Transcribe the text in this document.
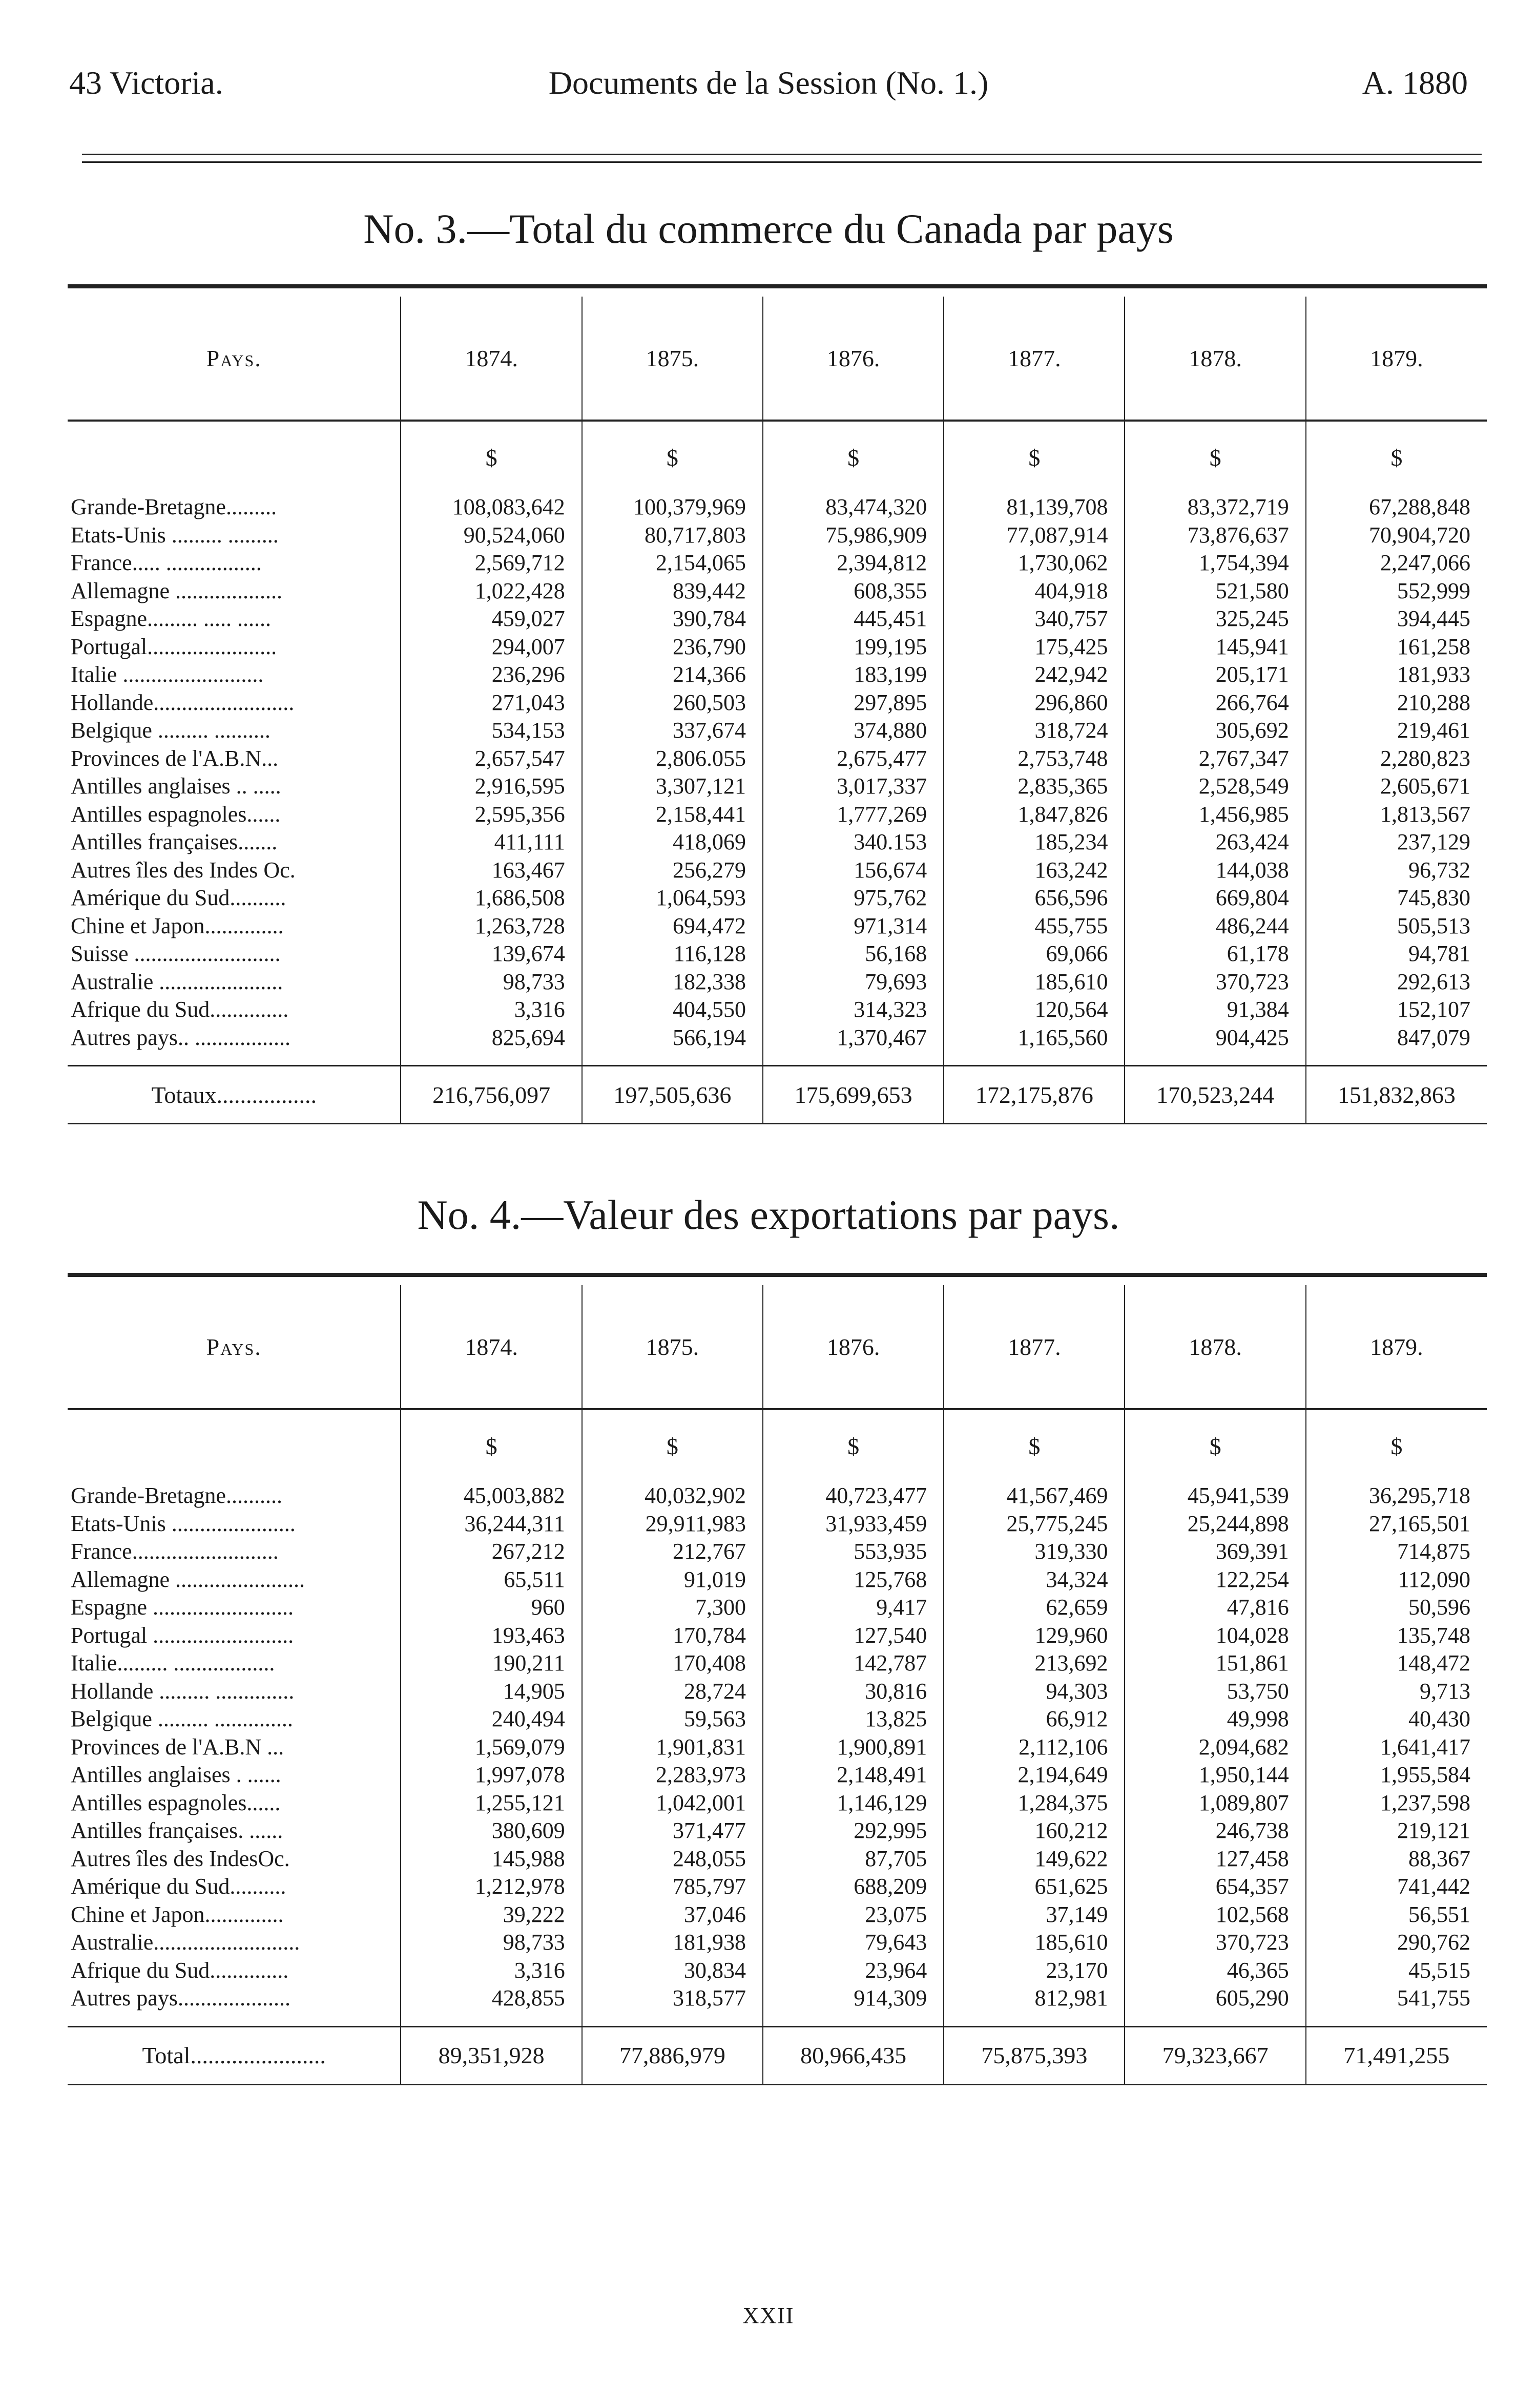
43 Victoria.	Documents de la Session (No. 1.)	A. 1880
No. 3.—Total du commerce du Canada par pays

Pays.	1874.	1875.	1876.	1877.	1878.	1879.
	$	$	$	$	$	$
Grande-Bretagne.........	108,083,642	100,379,969	83,474,320	81,139,708	83,372,719	67,288,848
Etats-Unis ......... .........	90,524,060	80,717,803	75,986,909	77,087,914	73,876,637	70,904,720
France..... .................	2,569,712	2,154,065	2,394,812	1,730,062	1,754,394	2,247,066
Allemagne ...................	1,022,428	839,442	608,355	404,918	521,580	552,999
Espagne......... ..... ......	459,027	390,784	445,451	340,757	325,245	394,445
Portugal.......................	294,007	236,790	199,195	175,425	145,941	161,258
Italie .........................	236,296	214,366	183,199	242,942	205,171	181,933
Hollande.........................	271,043	260,503	297,895	296,860	266,764	210,288
Belgique ......... ..........	534,153	337,674	374,880	318,724	305,692	219,461
Provinces de l'A.B.N...	2,657,547	2,806.055	2,675,477	2,753,748	2,767,347	2,280,823
Antilles anglaises .. .....	2,916,595	3,307,121	3,017,337	2,835,365	2,528,549	2,605,671
Antilles espagnoles......	2,595,356	2,158,441	1,777,269	1,847,826	1,456,985	1,813,567
Antilles françaises.......	411,111	418,069	340.153	185,234	263,424	237,129
Autres îles des Indes Oc.	163,467	256,279	156,674	163,242	144,038	96,732
Amérique du Sud..........	1,686,508	1,064,593	975,762	656,596	669,804	745,830
Chine et Japon..............	1,263,728	694,472	971,314	455,755	486,244	505,513
Suisse ..........................	139,674	116,128	56,168	69,066	61,178	94,781
Australie ......................	98,733	182,338	79,693	185,610	370,723	292,613
Afrique du Sud..............	3,316	404,550	314,323	120,564	91,384	152,107
Autres pays.. .................	825,694	566,194	1,370,467	1,165,560	904,425	847,079

Totaux.................	216,756,097	197,505,636	175,699,653	172,175,876	170,523,244	151,832,863
No. 4.—Valeur des exportations par pays.

Pays.	1874.	1875.	1876.	1877.	1878.	1879.
	$	$	$	$	$	$
Grande-Bretagne..........	45,003,882	40,032,902	40,723,477	41,567,469	45,941,539	36,295,718
Etats-Unis ......................	36,244,311	29,911,983	31,933,459	25,775,245	25,244,898	27,165,501
France..........................	267,212	212,767	553,935	319,330	369,391	714,875
Allemagne .......................	65,511	91,019	125,768	34,324	122,254	112,090
Espagne .........................	960	7,300	9,417	62,659	47,816	50,596
Portugal .........................	193,463	170,784	127,540	129,960	104,028	135,748
Italie......... ..................	190,211	170,408	142,787	213,692	151,861	148,472
Hollande ......... ..............	14,905	28,724	30,816	94,303	53,750	9,713
Belgique ......... ..............	240,494	59,563	13,825	66,912	49,998	40,430
Provinces de l'A.B.N ...	1,569,079	1,901,831	1,900,891	2,112,106	2,094,682	1,641,417
Antilles anglaises . ......	1,997,078	2,283,973	2,148,491	2,194,649	1,950,144	1,955,584
Antilles espagnoles......	1,255,121	1,042,001	1,146,129	1,284,375	1,089,807	1,237,598
Antilles françaises. ......	380,609	371,477	292,995	160,212	246,738	219,121
Autres îles des IndesOc.	145,988	248,055	87,705	149,622	127,458	88,367
Amérique du Sud..........	1,212,978	785,797	688,209	651,625	654,357	741,442
Chine et Japon..............	39,222	37,046	23,075	37,149	102,568	56,551
Australie..........................	98,733	181,938	79,643	185,610	370,723	290,762
Afrique du Sud..............	3,316	30,834	23,964	23,170	46,365	45,515
Autres pays....................	428,855	318,577	914,309	812,981	605,290	541,755

Total.......................	89,351,928	77,886,979	80,966,435	75,875,393	79,323,667	71,491,255
XXII
